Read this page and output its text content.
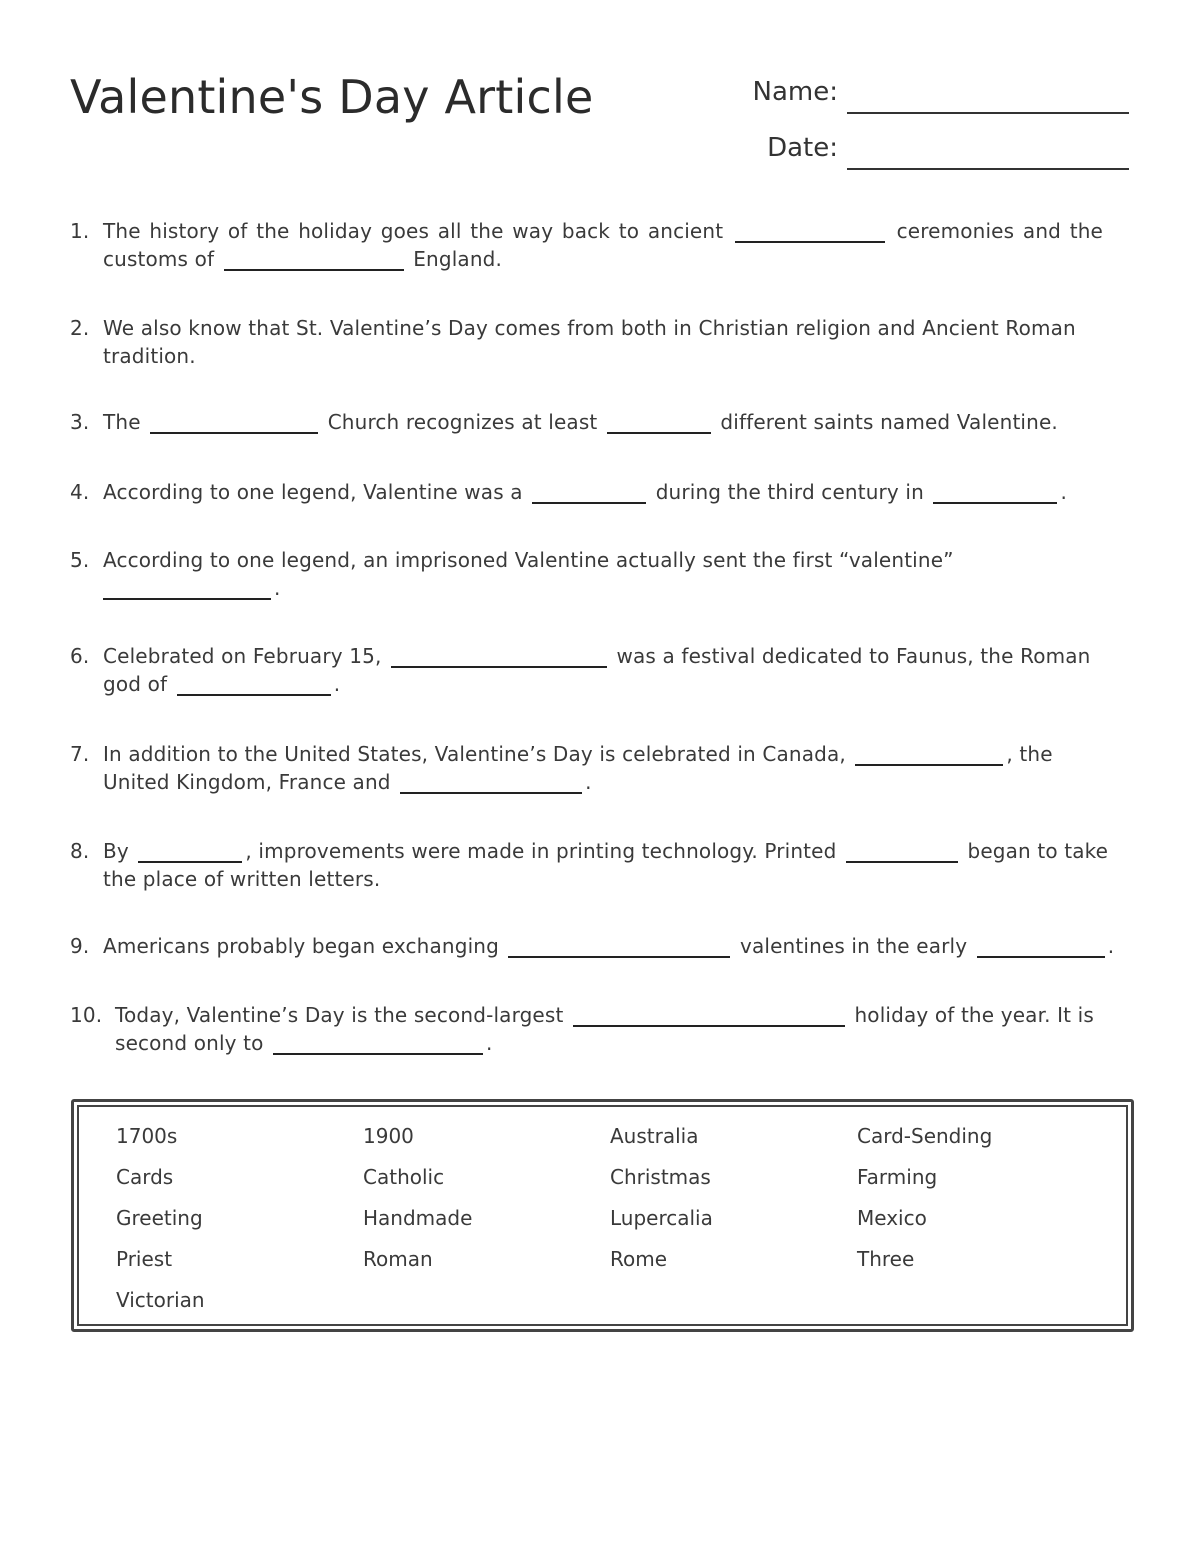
Valentine's Day Article	Name:
Date:
1. The history of the holiday goes all the way back to ancient	ceremonies and the customs of	England.
2. We also know that St. Valentine’s Day comes from both in Christian religion and Ancient Roman tradition.
3. The	Church recognizes at least	different saints named Valentine.
4. According to one legend, Valentine was a	during the third century in	.
5. According to one legend, an imprisoned Valentine actually sent the first “valentine”
.
6. Celebrated on February 15,	was a festival dedicated to Faunus, the Roman god of	.
7. In addition to the United States, Valentine’s Day is celebrated in Canada,	, the United Kingdom, France and	.
8. By	, improvements were made in printing technology. Printed	began to take the place of written letters.
9. Americans probably began exchanging	valentines in the early	.
10. Today, Valentine’s Day is the second-largest	holiday of the year. It is second only to	.
1700s	1900	Australia	Card-Sending
Cards	Catholic	Christmas	Farming
Greeting	Handmade	Lupercalia	Mexico
Priest	Roman	Rome	Three
Victorian
